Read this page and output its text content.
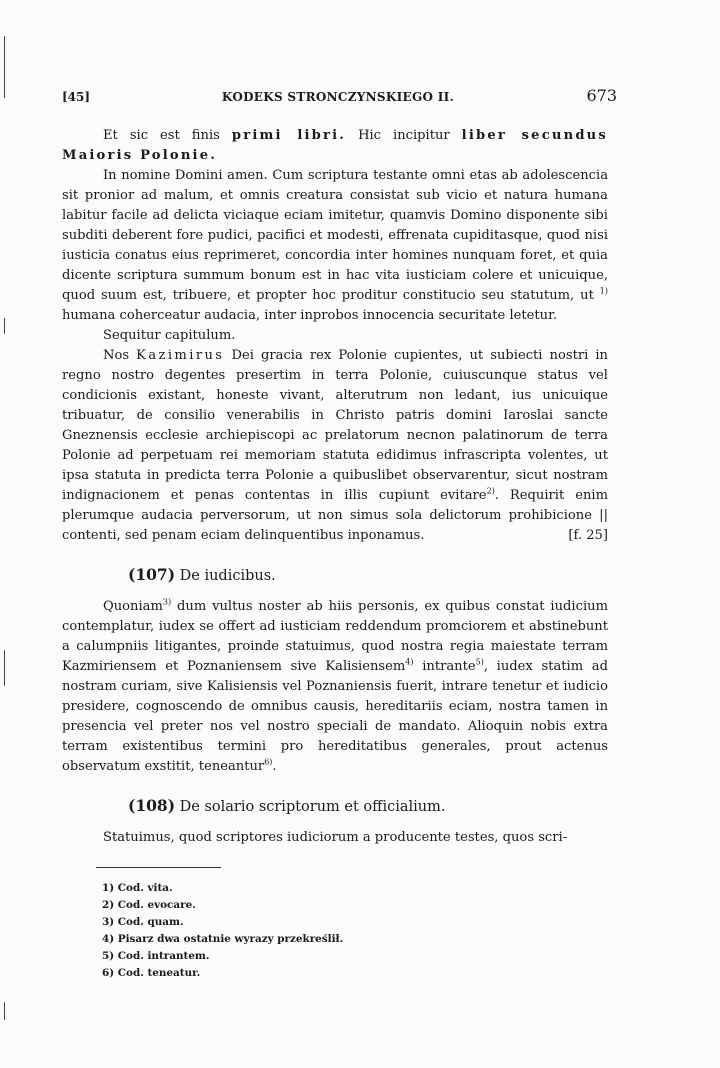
[45]	KODEKS STRONCZYNSKIEGO II.	673

Et sic est finis primi libri. Hic incipitur liber secundus Maioris Polonie.

In nomine Domini amen. Cum scriptura testante omni etas ab adolescencia sit pronior ad malum, et omnis creatura consistat sub vicio et natura humana labitur facile ad delicta viciaque eciam imitetur, quamvis Domino disponente sibi subditi deberent fore pudici, pacifici et modesti, effrenata cupiditasque, quod nisi iusticia conatus eius reprimeret, concordia inter homines nunquam foret, et quia dicente scriptura summum bonum est in hac vita iusticiam colere et unicuique, quod suum est, tribuere, et propter hoc proditur constitucio seu statutum, ut $^{1)}$ humana coherceatur audacia, inter inprobos innocencia securitate letetur.

Sequitur capitulum.

Nos Kazimirus Dei gracia rex Polonie cupientes, ut subiecti nostri in regno nostro degentes presertim in terra Polonie, cuiuscunque status vel condicionis existant, honeste vivant, alterutrum non ledant, ius unicuique tribuatur, de consilio venerabilis in Christo patris domini Iaroslai sancte Gneznensis ecclesie archiepiscopi ac prelatorum necnon palatinorum de terra Polonie ad perpetuam rei memoriam statuta edidimus infrascripta volentes, ut ipsa statuta in predicta terra Polonie a quibuslibet observarentur, sicut nostram indignacionem et penas contentas in illis cupiunt evitare$^{2)}$. Requirit enim plerumque audacia perversorum, ut non simus sola delictorum prohibicione || contenti, sed penam eciam delinquentibus inponamus.	[f. 25]

(107) De iudicibus.

Quoniam$^{3)}$ dum vultus noster ab hiis personis, ex quibus constat iudicium contemplatur, iudex se offert ad iusticiam reddendum promciorem et abstinebunt a calumpniis litigantes, proinde statuimus, quod nostra regia maiestate terram Kazmiriensem et Poznaniensem sive Kalisiensem$^{4)}$ intrante$^{5)}$, iudex statim ad nostram curiam, sive Kalisiensis vel Poznaniensis fuerit, intrare tenetur et iudicio presidere, cognoscendo de omnibus causis, hereditariis eciam, nostra tamen in presencia vel preter nos vel nostro speciali de mandato. Alioquin nobis extra terram existentibus termini pro hereditatibus generales, prout actenus observatum exstitit, teneantur$^{6)}$.

(108) De solario scriptorum et officialium.

Statuimus, quod scriptores iudiciorum a producente testes, quos scri-

1) Cod. vita.
2) Cod. evocare.
3) Cod. quam.
4) Pisarz dwa ostatnie wyrazy przekreślił.
5) Cod. intrantem.
6) Cod. teneatur.
